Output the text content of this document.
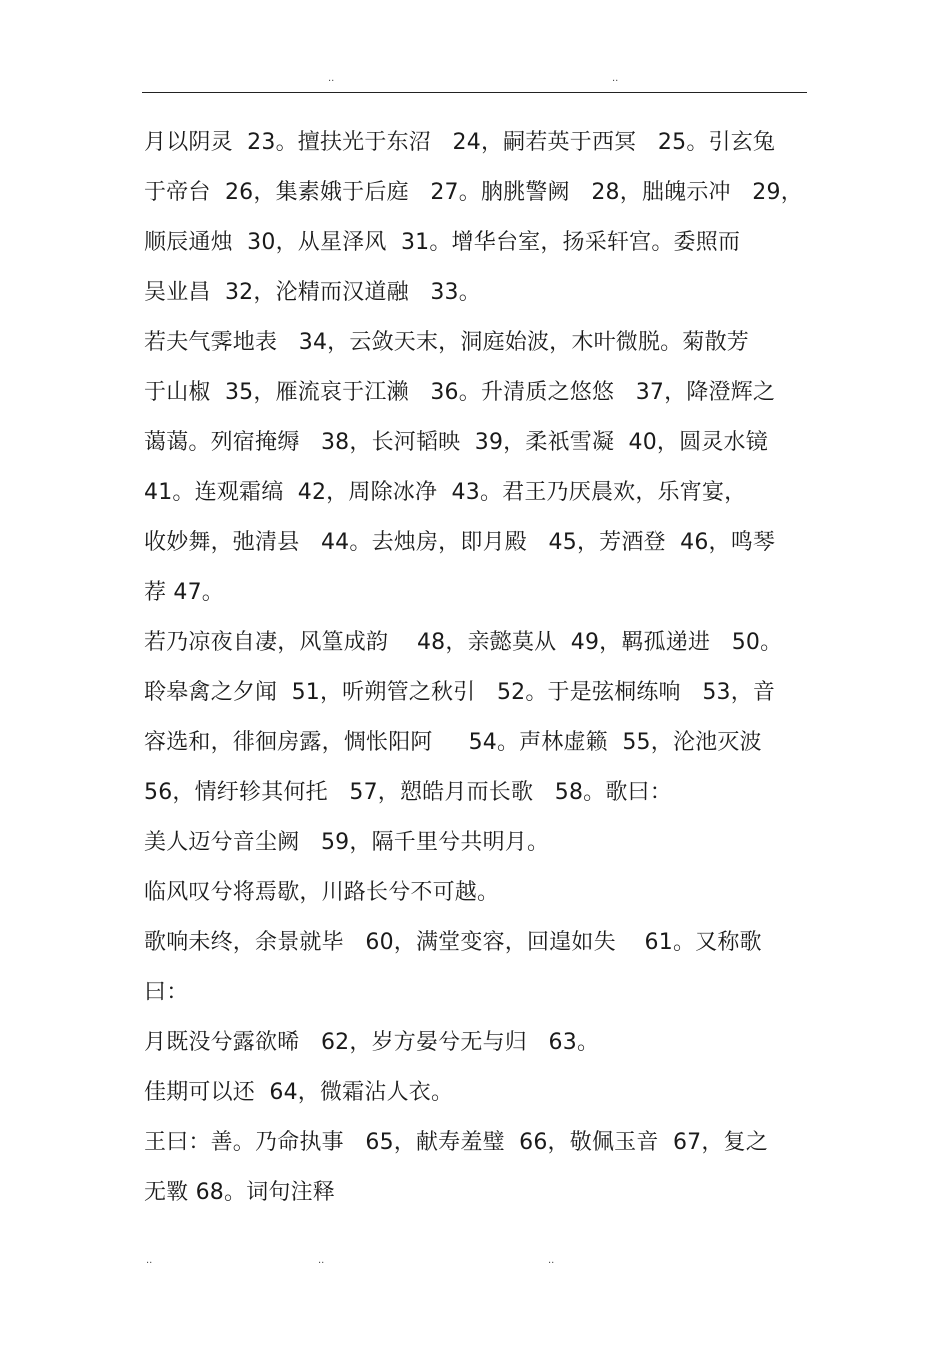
..	..
月以阴灵  23。擅扶光于东沼   24，嗣若英于西冥   25。引玄兔
于帝台  26，集素娥于后庭   27。朒朓警阙   28，朏魄示冲   29，
顺辰通烛  30，从星泽风  31。增华台室，扬采轩宫。委照而
吴业昌  32，沦精而汉道融   33。
若夫气霁地表   34，云敛天末，洞庭始波，木叶微脱。菊散芳
于山椒  35，雁流哀于江濑   36。升清质之悠悠   37，降澄辉之
蔼蔼。列宿掩缛   38，长河韬映  39，柔祇雪凝  40，圆灵水镜
41。连观霜缟  42，周除冰净  43。君王乃厌晨欢，乐宵宴，
收妙舞，弛清县   44。去烛房，即月殿   45，芳酒登  46，鸣琴
荐 47。
若乃凉夜自凄，风篁成韵    48，亲懿莫从  49，羁孤递进   50。
聆皋禽之夕闻  51，听朔管之秋引   52。于是弦桐练响   53，音
容选和，徘徊房露，惆怅阳阿     54。声林虚籁  55，沦池灭波
56，情纡轸其何托   57，愬皓月而长歌   58。歌曰：
美人迈兮音尘阙   59，隔千里兮共明月。
临风叹兮将焉歇，川路长兮不可越。
歌响未终，余景就毕   60，满堂变容，回遑如失    61。又称歌
曰：
月既没兮露欲晞   62，岁方晏兮无与归   63。
佳期可以还  64，微霜沾人衣。
王曰：善。乃命执事   65，献寿羞璧  66，敬佩玉音  67，复之
无斁 68。词句注释
..	..	..
